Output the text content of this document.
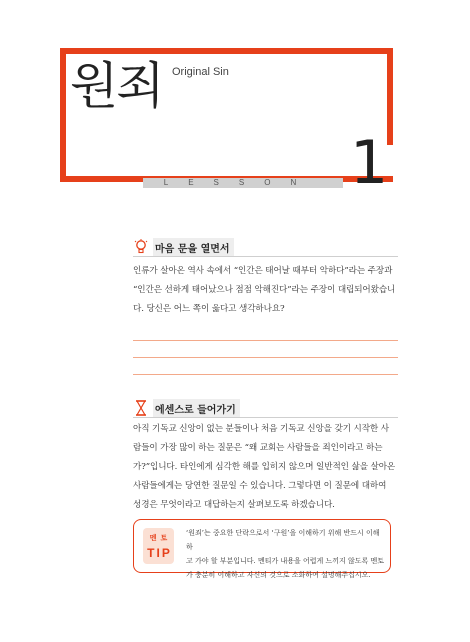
원죄 Original Sin
LESSON 1
마음 문을 열면서
인류가 살아온 역사 속에서 “인간은 태어날 때부터 악하다”라는 주장과
“인간은 선하게 태어났으나 점점 악해진다”라는 주장이 대립되어왔습니
다. 당신은 어느 쪽이 옳다고 생각하나요?
에센스로 들어가기
아직 기독교 신앙이 없는 분들이나 처음 기독교 신앙을 갖기 시작한 사
람들이 가장 많이 하는 질문은 “왜 교회는 사람들을 죄인이라고 하는
가?”입니다. 타인에게 심각한 해를 입히지 않으며 일반적인 삶을 살아온
사람들에게는 당연한 질문일 수 있습니다. 그렇다면 이 질문에 대하여
성경은 무엇이라고 대답하는지 살펴보도록 하겠습니다.
멘토
TIP
‘원죄’는 중요한 단락으로서 ‘구원’을 이해하기 위해 반드시 이해하
고 가야 할 부분입니다. 멘티가 내용을 어렵게 느끼지 않도록 멘토
가 충분히 이해하고 자신의 것으로 소화하여 설명해주십시오.
